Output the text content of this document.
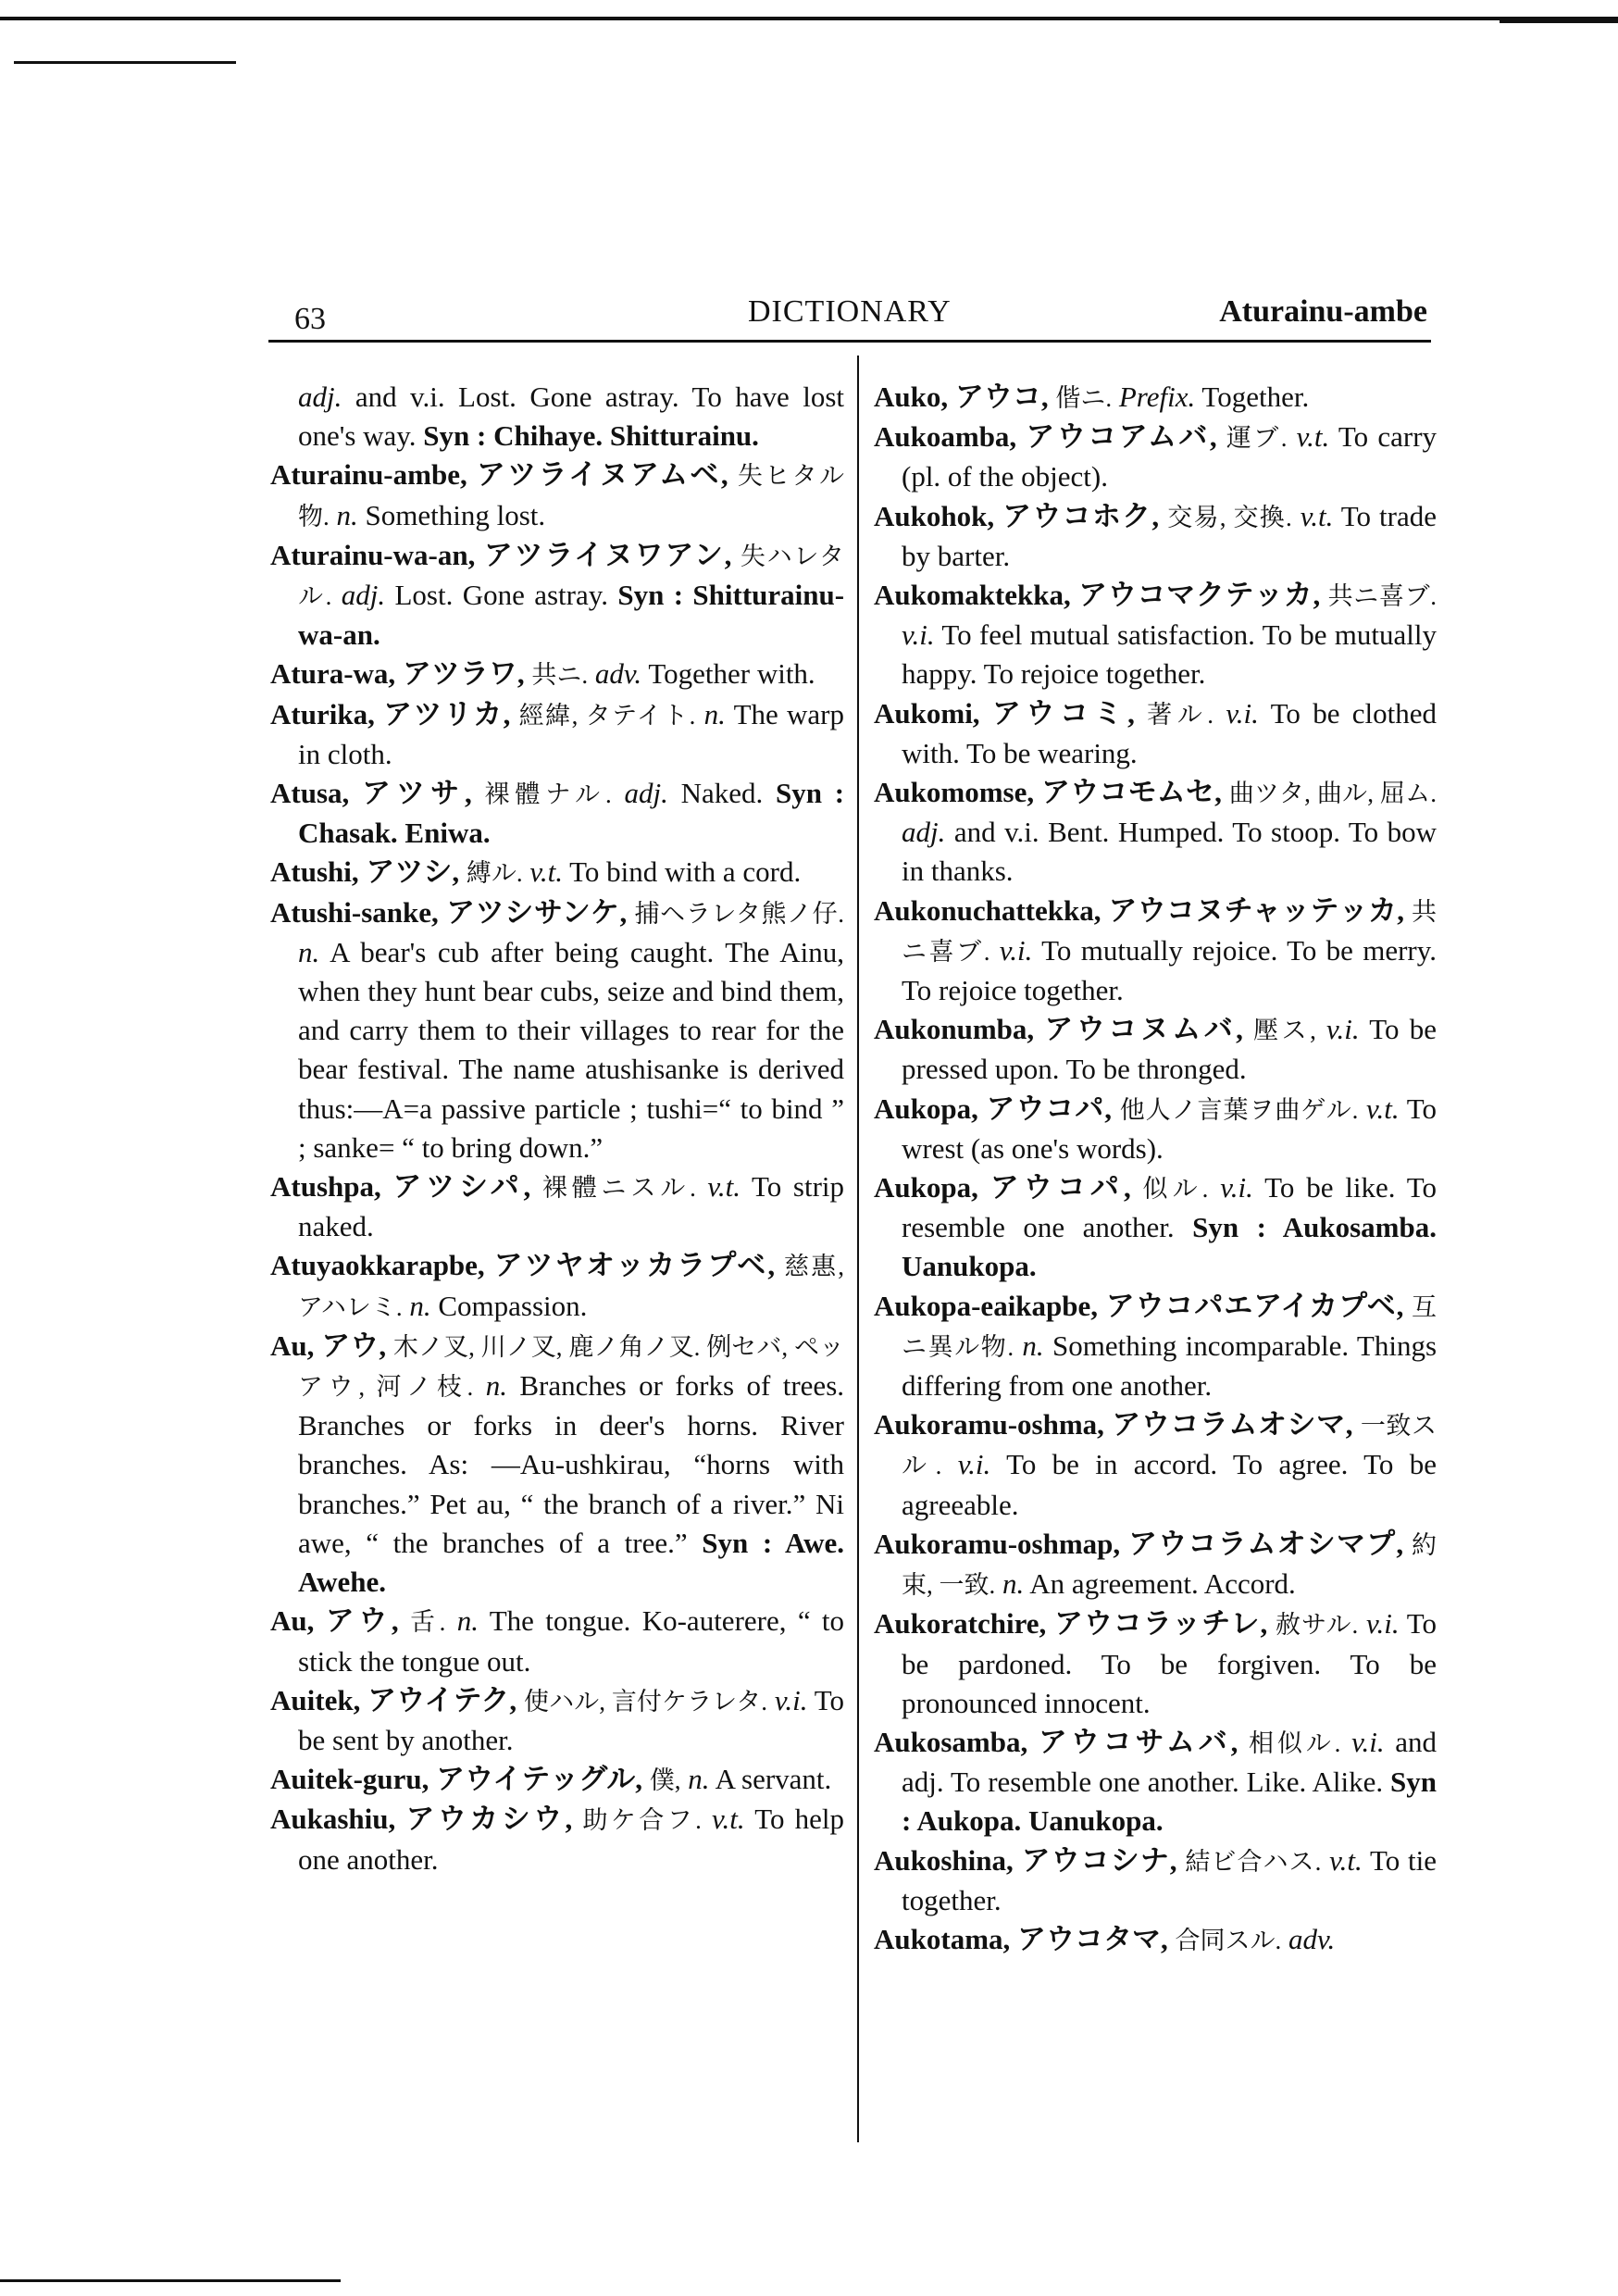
63	DICTIONARY	Aturainu-ambe

adj. and v.i. Lost. Gone astray. To have lost one's way. Syn : Chihaye. Shitturainu.

Aturainu-ambe, アツライヌアムベ, 失ヒタル物. n. Something lost.

Aturainu-wa-an, アツライヌワアン, 失ハレタル. adj. Lost. Gone astray. Syn : Shitturainu-wa-an.

Atura-wa, アツラワ, 共ニ. adv. Together with.

Aturika, アツリカ, 經緯, タテイト. n. The warp in cloth.

Atusa, アツサ, 裸體ナル. adj. Naked. Syn : Chasak. Eniwa.

Atushi, アツシ, 縛ル. v.t. To bind with a cord.

Atushi-sanke, アツシサンケ, 捕ヘラレタ熊ノ仔. n. A bear's cub after being caught. The Ainu, when they hunt bear cubs, seize and bind them, and carry them to their villages to rear for the bear festival. The name atushisanke is derived thus:—A=a passive particle ; tushi=“ to bind ” ; sanke= “ to bring down.”

Atushpa, アツシパ, 裸體ニスル. v.t. To strip naked.

Atuyaokkarapbe, アツヤオッカラプベ, 慈惠, アハレミ. n. Compassion.

Au, アウ, 木ノ叉, 川ノ叉, 鹿ノ角ノ叉. 例セバ, ペッアウ, 河ノ枝. n. Branches or forks of trees. Branches or forks in deer's horns. River branches. As: —Au-ushkirau, “horns with branches.” Pet au, “ the branch of a river.” Ni awe, “ the branches of a tree.” Syn : Awe. Awehe.

Au, アウ, 舌. n. The tongue. Ko-auterere, “ to stick the tongue out.

Auitek, アウイテク, 使ハル, 言付ケラレタ. v.i. To be sent by another.

Auitek-guru, アウイテッグル, 僕, n. A servant.

Aukashiu, アウカシウ, 助ケ合フ. v.t. To help one another.

Auko, アウコ, 偕ニ. Prefix. Together.

Aukoamba, アウコアムバ, 運ブ. v.t. To carry (pl. of the object).

Aukohok, アウコホク, 交易, 交換. v.t. To trade by barter.

Aukomaktekka, アウコマクテッカ, 共ニ喜ブ. v.i. To feel mutual satisfaction. To be mutually happy. To rejoice together.

Aukomi, アウコミ, 著ル. v.i. To be clothed with. To be wearing.

Aukomomse, アウコモムセ, 曲ツタ, 曲ル, 屈ム. adj. and v.i. Bent. Humped. To stoop. To bow in thanks.

Aukonuchattekka, アウコヌチャッテッカ, 共ニ喜ブ. v.i. To mutually rejoice. To be merry. To rejoice together.

Aukonumba, アウコヌムバ, 壓ス, v.i. To be pressed upon. To be thronged.

Aukopa, アウコパ, 他人ノ言葉ヲ曲ゲル. v.t. To wrest (as one's words).

Aukopa, アウコパ, 似ル. v.i. To be like. To resemble one another. Syn : Aukosamba. Uanukopa.

Aukopa-eaikapbe, アウコパエアイカプベ, 互ニ異ル物. n. Something incomparable. Things differing from one another.

Aukoramu-oshma, アウコラムオシマ, 一致スル. v.i. To be in accord. To agree. To be agreeable.

Aukoramu-oshmap, アウコラムオシマプ, 約束, 一致. n. An agreement. Accord.

Aukoratchire, アウコラッチレ, 赦サル. v.i. To be pardoned. To be forgiven. To be pronounced innocent.

Aukosamba, アウコサムバ, 相似ル. v.i. and adj. To resemble one another. Like. Alike. Syn : Aukopa. Uanukopa.

Aukoshina, アウコシナ, 結ビ合ハス. v.t. To tie together.

Aukotama, アウコタマ, 合同スル. adv.
